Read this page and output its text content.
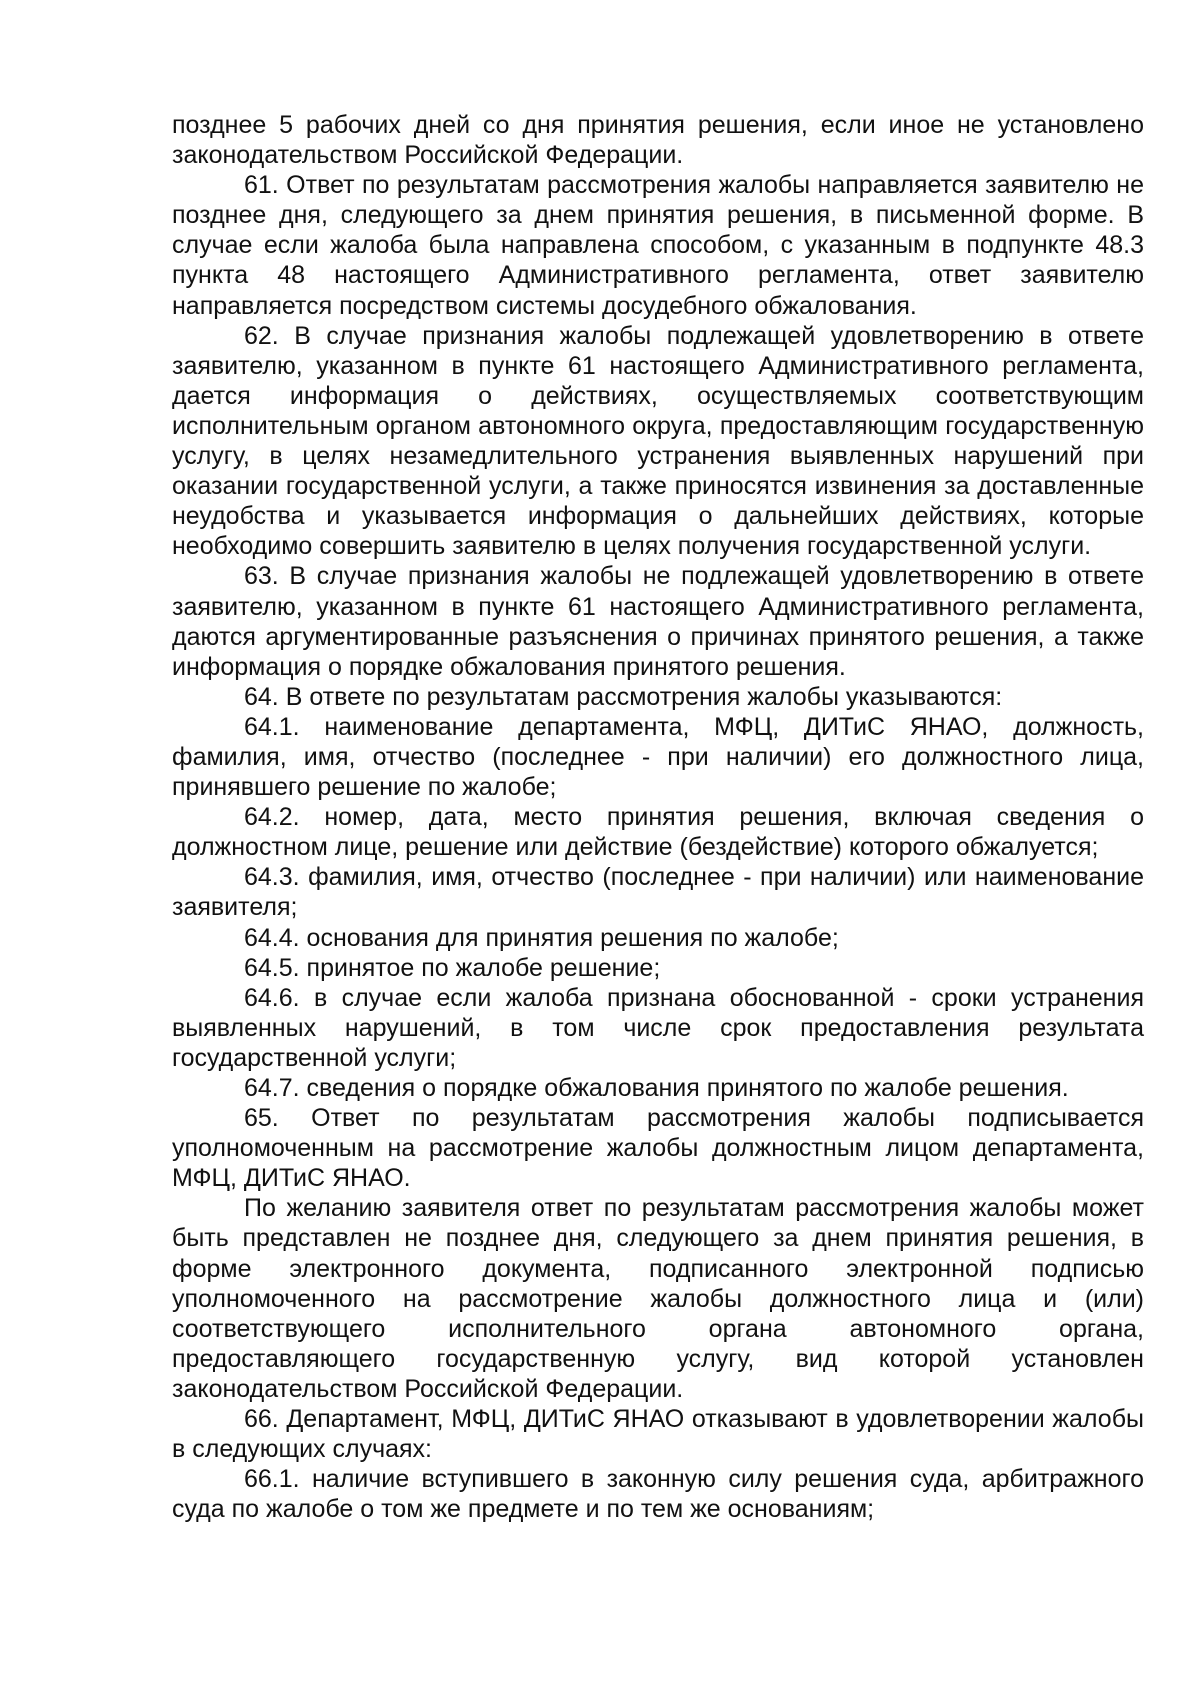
позднее 5 рабочих дней со дня принятия решения, если иное не установлено законодательством Российской Федерации.

61. Ответ по результатам рассмотрения жалобы направляется заявителю не позднее дня, следующего за днем принятия решения, в письменной форме. В случае если жалоба была направлена способом, с указанным в подпункте 48.3 пункта 48 настоящего Административного регламента, ответ заявителю направляется посредством системы досудебного обжалования.

62. В случае признания жалобы подлежащей удовлетворению в ответе заявителю, указанном в пункте 61 настоящего Административного регламента, дается информация о действиях, осуществляемых соответствующим исполнительным органом автономного округа, предоставляющим государственную услугу, в целях незамедлительного устранения выявленных нарушений при оказании государственной услуги, а также приносятся извинения за доставленные неудобства и указывается информация о дальнейших действиях, которые необходимо совершить заявителю в целях получения государственной услуги.

63. В случае признания жалобы не подлежащей удовлетворению в ответе заявителю, указанном в пункте 61 настоящего Административного регламента, даются аргументированные разъяснения о причинах принятого решения, а также информация о порядке обжалования принятого решения.

64. В ответе по результатам рассмотрения жалобы указываются:

64.1. наименование департамента, МФЦ, ДИТиС ЯНАО, должность, фамилия, имя, отчество (последнее - при наличии) его должностного лица, принявшего решение по жалобе;

64.2. номер, дата, место принятия решения, включая сведения о должностном лице, решение или действие (бездействие) которого обжалуется;

64.3. фамилия, имя, отчество (последнее - при наличии) или наименование заявителя;

64.4. основания для принятия решения по жалобе;

64.5. принятое по жалобе решение;

64.6. в случае если жалоба признана обоснованной - сроки устранения выявленных нарушений, в том числе срок предоставления результата государственной услуги;

64.7. сведения о порядке обжалования принятого по жалобе решения.

65. Ответ по результатам рассмотрения жалобы подписывается уполномоченным на рассмотрение жалобы должностным лицом департамента, МФЦ, ДИТиС ЯНАО.

По желанию заявителя ответ по результатам рассмотрения жалобы может быть представлен не позднее дня, следующего за днем принятия решения, в форме электронного документа, подписанного электронной подписью уполномоченного на рассмотрение жалобы должностного лица и (или) соответствующего исполнительного органа автономного органа, предоставляющего государственную услугу, вид которой установлен законодательством Российской Федерации.

66. Департамент, МФЦ, ДИТиС ЯНАО отказывают в удовлетворении жалобы в следующих случаях:

66.1. наличие вступившего в законную силу решения суда, арбитражного суда по жалобе о том же предмете и по тем же основаниям;
